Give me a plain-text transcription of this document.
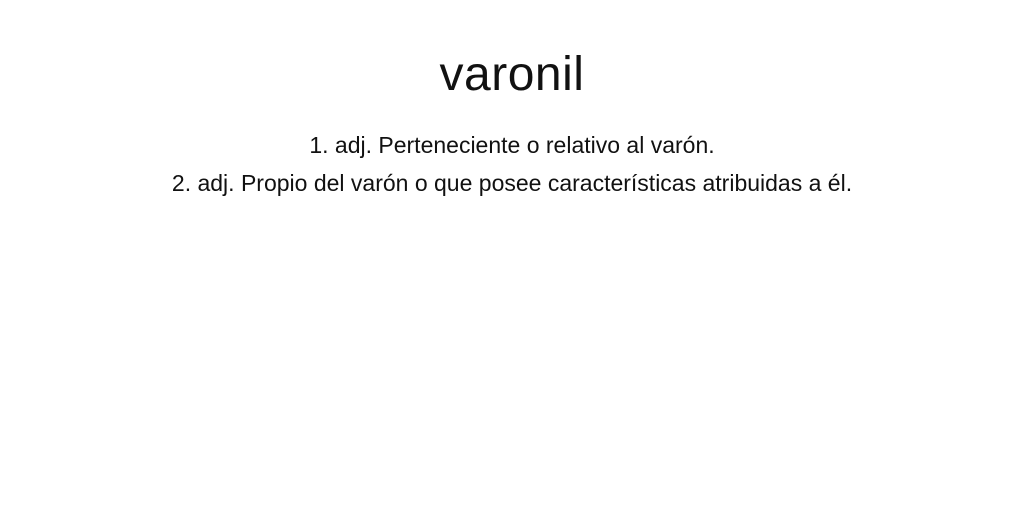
varonil
1. adj. Perteneciente o relativo al varón.
2. adj. Propio del varón o que posee características atribuidas a él.
